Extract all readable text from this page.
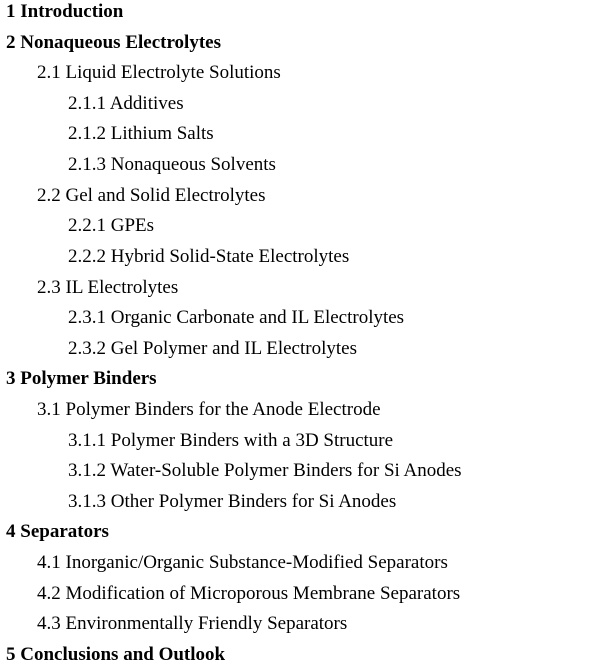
1 Introduction
2 Nonaqueous Electrolytes
2.1 Liquid Electrolyte Solutions
2.1.1 Additives
2.1.2 Lithium Salts
2.1.3 Nonaqueous Solvents
2.2 Gel and Solid Electrolytes
2.2.1 GPEs
2.2.2 Hybrid Solid-State Electrolytes
2.3 IL Electrolytes
2.3.1 Organic Carbonate and IL Electrolytes
2.3.2 Gel Polymer and IL Electrolytes
3 Polymer Binders
3.1 Polymer Binders for the Anode Electrode
3.1.1 Polymer Binders with a 3D Structure
3.1.2 Water-Soluble Polymer Binders for Si Anodes
3.1.3 Other Polymer Binders for Si Anodes
4 Separators
4.1 Inorganic/Organic Substance-Modified Separators
4.2 Modification of Microporous Membrane Separators
4.3 Environmentally Friendly Separators
5 Conclusions and Outlook
